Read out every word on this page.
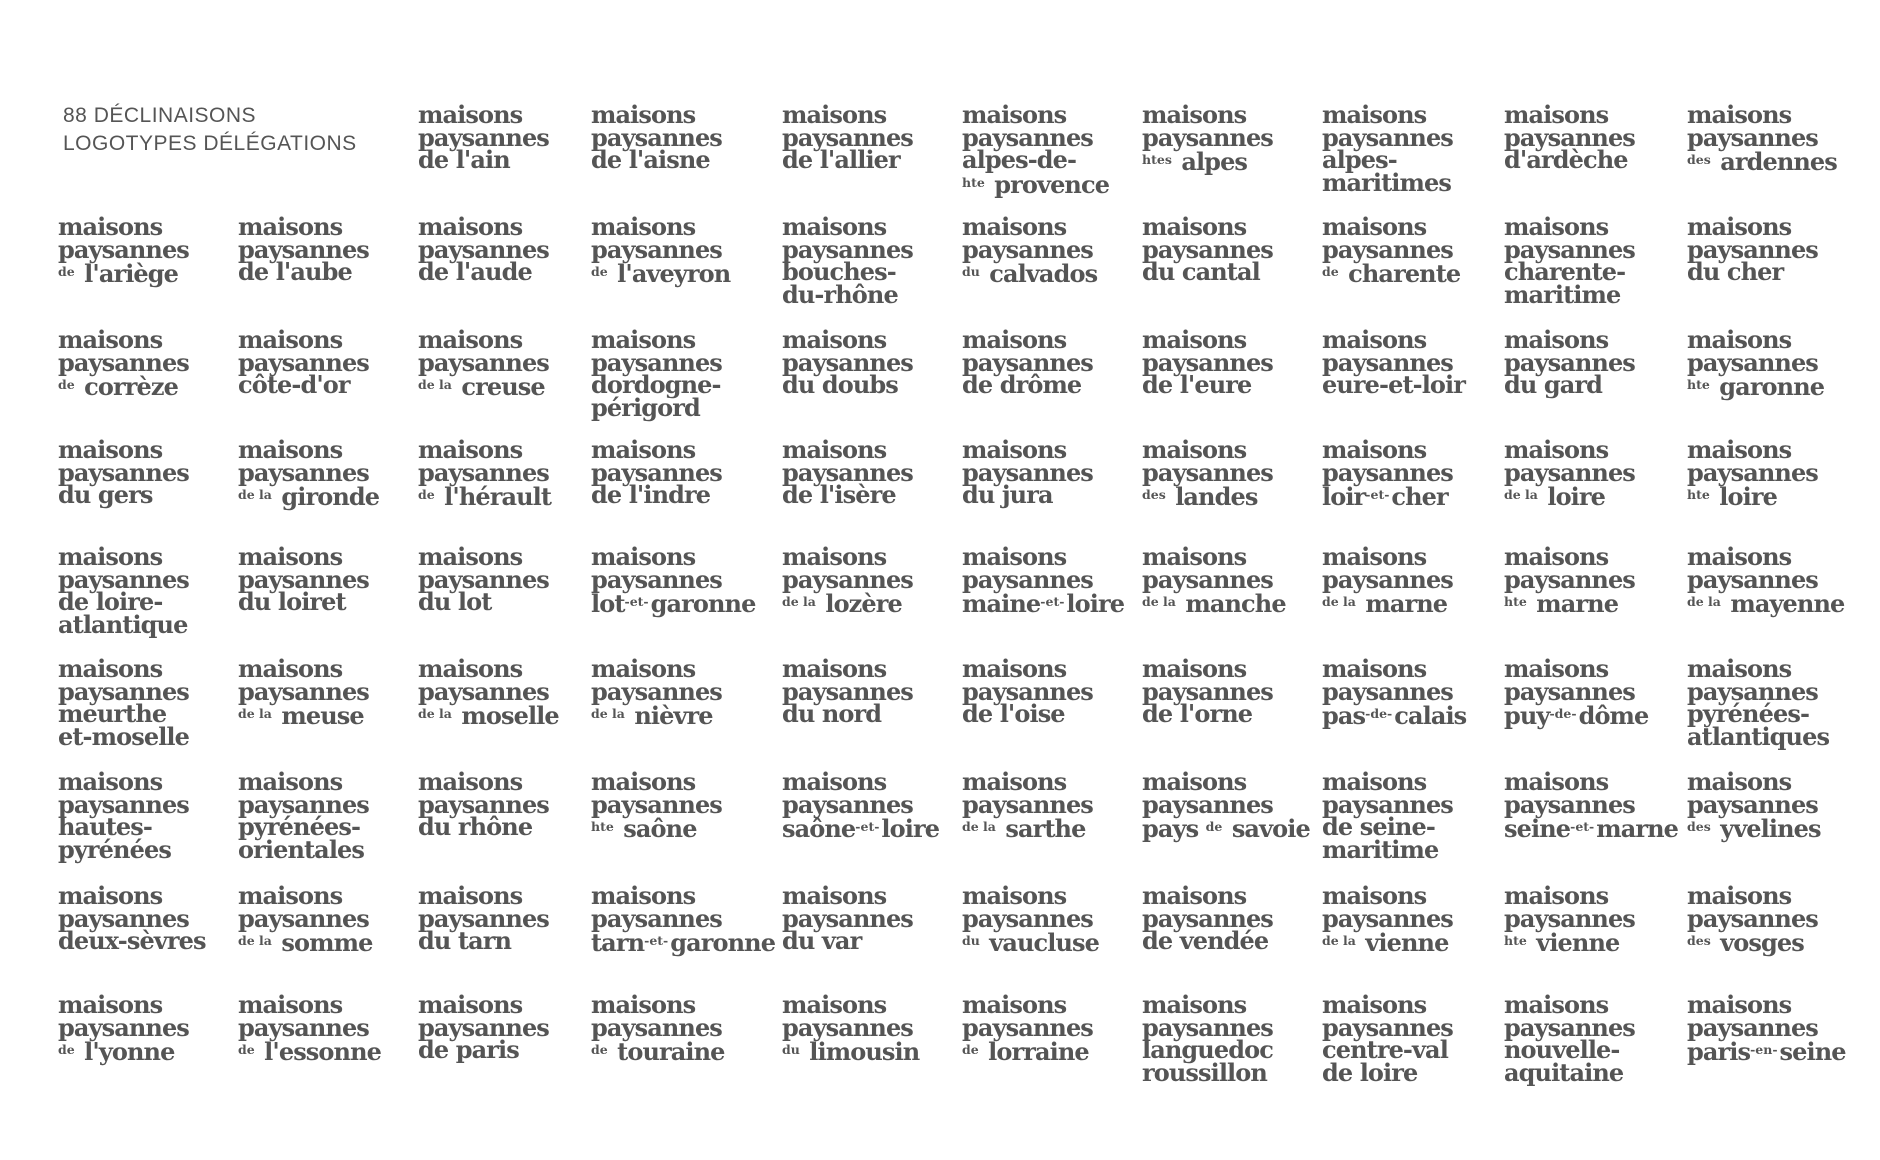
88 DÉCLINAISONS
LOGOTYPES DÉLÉGATIONS
maisons
paysannes
de l'ain
maisons
paysannes
de l'aisne
maisons
paysannes
de l'allier
maisons
paysannes
alpes-de-
$^{hte}$ provence
maisons
paysannes
$^{htes}$ alpes
maisons
paysannes
alpes-
maritimes
maisons
paysannes
d'ardèche
maisons
paysannes
$^{des}$ ardennes
maisons
paysannes
$^{de}$ l'ariège
maisons
paysannes
de l'aube
maisons
paysannes
de l'aude
maisons
paysannes
$^{de}$ l'aveyron
maisons
paysannes
bouches-
du-rhône
maisons
paysannes
$^{du}$ calvados
maisons
paysannes
du cantal
maisons
paysannes
$^{de}$ charente
maisons
paysannes
charente-
maritime
maisons
paysannes
du cher
maisons
paysannes
$^{de}$ corrèze
maisons
paysannes
côte-d'or
maisons
paysannes
$^{de la}$ creuse
maisons
paysannes
dordogne-
périgord
maisons
paysannes
du doubs
maisons
paysannes
de drôme
maisons
paysannes
de l'eure
maisons
paysannes
eure-et-loir
maisons
paysannes
du gard
maisons
paysannes
$^{hte}$ garonne
maisons
paysannes
du gers
maisons
paysannes
$^{de la}$ gironde
maisons
paysannes
$^{de}$ l'hérault
maisons
paysannes
de l'indre
maisons
paysannes
de l'isère
maisons
paysannes
du jura
maisons
paysannes
$^{des}$ landes
maisons
paysannes
loir$^{-et-}$cher
maisons
paysannes
$^{de la}$ loire
maisons
paysannes
$^{hte}$ loire
maisons
paysannes
de loire-
atlantique
maisons
paysannes
du loiret
maisons
paysannes
du lot
maisons
paysannes
lot$^{-et-}$garonne
maisons
paysannes
$^{de la}$ lozère
maisons
paysannes
maine$^{-et-}$loire
maisons
paysannes
$^{de la}$ manche
maisons
paysannes
$^{de la}$ marne
maisons
paysannes
$^{hte}$ marne
maisons
paysannes
$^{de la}$ mayenne
maisons
paysannes
meurthe
et-moselle
maisons
paysannes
$^{de la}$ meuse
maisons
paysannes
$^{de la}$ moselle
maisons
paysannes
$^{de la}$ nièvre
maisons
paysannes
du nord
maisons
paysannes
de l'oise
maisons
paysannes
de l'orne
maisons
paysannes
pas$^{-de-}$calais
maisons
paysannes
puy$^{-de-}$dôme
maisons
paysannes
pyrénées-
atlantiques
maisons
paysannes
hautes-
pyrénées
maisons
paysannes
pyrénées-
orientales
maisons
paysannes
du rhône
maisons
paysannes
$^{hte}$ saône
maisons
paysannes
saône$^{-et-}$loire
maisons
paysannes
$^{de la}$ sarthe
maisons
paysannes
pays $^{de}$ savoie
maisons
paysannes
de seine-
maritime
maisons
paysannes
seine$^{-et-}$marne
maisons
paysannes
$^{des}$ yvelines
maisons
paysannes
deux-sèvres
maisons
paysannes
$^{de la}$ somme
maisons
paysannes
du tarn
maisons
paysannes
tarn$^{-et-}$garonne
maisons
paysannes
du var
maisons
paysannes
$^{du}$ vaucluse
maisons
paysannes
de vendée
maisons
paysannes
$^{de la}$ vienne
maisons
paysannes
$^{hte}$ vienne
maisons
paysannes
$^{des}$ vosges
maisons
paysannes
$^{de}$ l'yonne
maisons
paysannes
$^{de}$ l'essonne
maisons
paysannes
de paris
maisons
paysannes
$^{de}$ touraine
maisons
paysannes
$^{du}$ limousin
maisons
paysannes
$^{de}$ lorraine
maisons
paysannes
languedoc
roussillon
maisons
paysannes
centre-val
de loire
maisons
paysannes
nouvelle-
aquitaine
maisons
paysannes
paris$^{-en-}$seine
